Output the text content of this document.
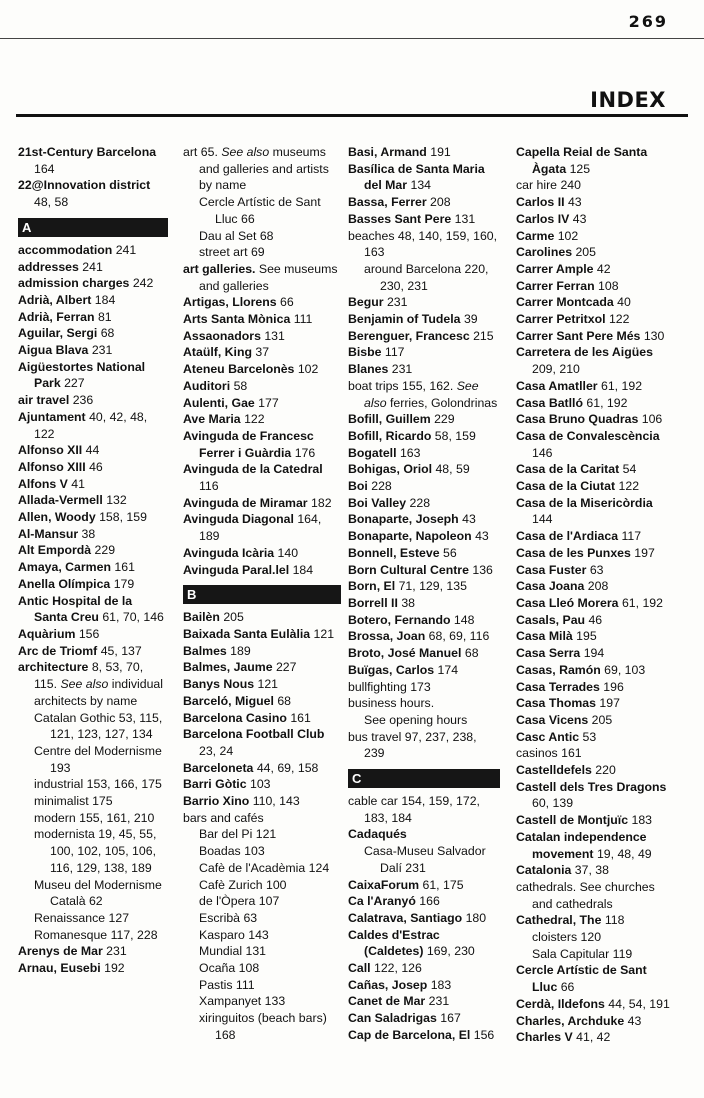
269
INDEX
21st-Century Barcelona 164
22@Innovation district 48, 58
A
accommodation 241
addresses 241
admission charges 242
Adrià, Albert 184
Adrià, Ferran 81
Aguilar, Sergi 68
Aigua Blava 231
Aigüestortes National Park 227
air travel 236
Ajuntament 40, 42, 48, 122
Alfonso XII 44
Alfonso XIII 46
Alfons V 41
Allada-Vermell 132
Allen, Woody 158, 159
Al-Mansur 38
Alt Empordà 229
Amaya, Carmen 161
Anella Olímpica 179
Antic Hospital de la Santa Creu 61, 70, 146
Aquàrium 156
Arc de Triomf 45, 137
architecture 8, 53, 70, 115. See also individual architects by name
Catalan Gothic 53, 115, 121, 123, 127, 134
Centre del Modernisme 193
industrial 153, 166, 175
minimalist 175
modern 155, 161, 210
modernista 19, 45, 55, 100, 102, 105, 106, 116, 129, 138, 189
Museu del Modernisme Català 62
Renaissance 127
Romanesque 117, 228
Arenys de Mar 231
Arnau, Eusebi 192
art 65. See also museums and galleries and artists by name
Cercle Artístic de Sant Lluc 66
Dau al Set 68
street art 69
art galleries. See museums and galleries
Artigas, Llorens 66
Arts Santa Mònica 111
Assaonadors 131
Ataülf, King 37
Ateneu Barcelonès 102
Auditori 58
Aulenti, Gae 177
Ave Maria 122
Avinguda de Francesc Ferrer i Guàrdia 176
Avinguda de la Catedral 116
Avinguda de Miramar 182
Avinguda Diagonal 164, 189
Avinguda Icària 140
Avinguda Paral.lel 184
B
Bailèn 205
Baixada Santa Eulàlia 121
Balmes 189
Balmes, Jaume 227
Banys Nous 121
Barceló, Miguel 68
Barcelona Casino 161
Barcelona Football Club 23, 24
Barceloneta 44, 69, 158
Barri Gòtic 103
Barrio Xino 110, 143
bars and cafés
Bar del Pi 121
Boadas 103
Cafè de l'Acadèmia 124
Cafè Zurich 100
de l'Òpera 107
Escribà 63
Kasparo 143
Mundial 131
Ocaña 108
Pastis 111
Xampanyet 133
xiringuitos (beach bars) 168
Basi, Armand 191
Basílica de Santa Maria del Mar 134
Bassa, Ferrer 208
Basses Sant Pere 131
beaches 48, 140, 159, 160, 163
around Barcelona 220, 230, 231
Begur 231
Benjamin of Tudela 39
Berenguer, Francesc 215
Bisbe 117
Blanes 231
boat trips 155, 162. See also ferries, Golondrinas
Bofill, Guillem 229
Bofill, Ricardo 58, 159
Bogatell 163
Bohigas, Oriol 48, 59
Boi 228
Boi Valley 228
Bonaparte, Joseph 43
Bonaparte, Napoleon 43
Bonnell, Esteve 56
Born Cultural Centre 136
Born, El 71, 129, 135
Borrell II 38
Botero, Fernando 148
Brossa, Joan 68, 69, 116
Broto, José Manuel 68
Buïgas, Carlos 174
bullfighting 173
business hours.
See opening hours
bus travel 97, 237, 238, 239
C
cable car 154, 159, 172, 183, 184
Cadaqués
Casa-Museu Salvador Dalí 231
CaixaForum 61, 175
Ca l'Aranyó 166
Calatrava, Santiago 180
Caldes d'Estrac (Caldetes) 169, 230
Call 122, 126
Cañas, Josep 183
Canet de Mar 231
Can Saladrigas 167
Cap de Barcelona, El 156
Capella Reial de Santa Àgata 125
car hire 240
Carlos II 43
Carlos IV 43
Carme 102
Carolines 205
Carrer Ample 42
Carrer Ferran 108
Carrer Montcada 40
Carrer Petritxol 122
Carrer Sant Pere Més 130
Carretera de les Aigües 209, 210
Casa Amatller 61, 192
Casa Batlló 61, 192
Casa Bruno Quadras 106
Casa de Convalescència 146
Casa de la Caritat 54
Casa de la Ciutat 122
Casa de la Misericòrdia 144
Casa de l'Ardiaca 117
Casa de les Punxes 197
Casa Fuster 63
Casa Joana 208
Casa Lleó Morera 61, 192
Casals, Pau 46
Casa Milà 195
Casa Serra 194
Casas, Ramón 69, 103
Casa Terrades 196
Casa Thomas 197
Casa Vicens 205
Casc Antic 53
casinos 161
Castelldefels 220
Castell dels Tres Dragons 60, 139
Castell de Montjuïc 183
Catalan independence movement 19, 48, 49
Catalonia 37, 38
cathedrals. See churches and cathedrals
Cathedral, The 118
cloisters 120
Sala Capitular 119
Cercle Artístic de Sant Lluc 66
Cerdà, Ildefons 44, 54, 191
Charles, Archduke 43
Charles V 41, 42
